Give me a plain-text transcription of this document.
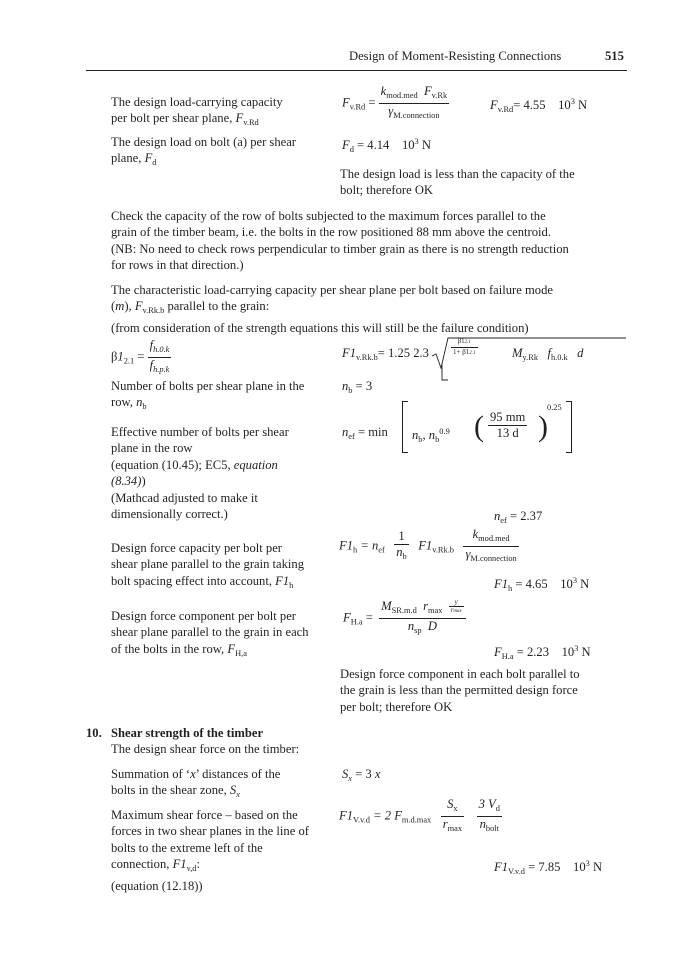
Design of Moment-Resisting Connections	515
The design load-carrying capacity
per bolt per shear plane, $F_{v.Rd}$
$F_{v.Rd} = \frac{k_{mod.med} F_{v.Rk}}{\gamma_{M.connection}}$	$F_{v.Rd}= 4.55$ $10^3$ N
The design load on bolt (a) per shear
plane, $F_d$
$F_d = 4.14$ $10^3$ N
The design load is less than the capacity of the
bolt; therefore OK
Check the capacity of the row of bolts subjected to the maximum forces parallel to the
grain of the timber beam, i.e. the bolts in the row positioned 88 mm above the centroid.
(NB: No need to check rows perpendicular to timber grain as there is no strength reduction
for rows in that direction.)
The characteristic load-carrying capacity per shear plane per bolt based on failure mode
(m), $F_{v.Rk.b}$ parallel to the grain:
(from consideration of the strength equations this will still be the failure condition)
$\beta 1_{2.1} = \frac{f_{h.0.k}}{f_{h.p.k}}$	$F1_{v.Rk.b}= 1.25$ 2.3	$\frac{\beta 12.1}{1+ \beta 12.1}$	$M_{y.Rk}$ $f_{h.0.k}$ d
Number of bolts per shear plane in the
row, $n_b$
$n_b = 3$
Effective number of bolts per shear
plane in the row
(equation (10.45); EC5, equation
(8.34))
(Mathcad adjusted to make it
dimensionally correct.)
$n_{ef} = \min n_b$, $n_b^{0.9}$ ( $\frac{95 mm}{13 d}$ )
$^{0.25}$
$n_{ef} = 2.37$
Design force capacity per bolt per
shear plane parallel to the grain taking
bolt spacing effect into account, $F1_h$
$F1_h = n_{ef} \frac{1}{n_b} F1_{v.Rk.b} \frac{k_{mod.med}}{\gamma_{M.connection}}$
$F1_h = 4.65$ $10^3$ N
Design force component per bolt per
shear plane parallel to the grain in each
of the bolts in the row, $F_{H,a}$
$F_{H.a} = \frac{M_{SR.m.d} r_{max} \frac{y}{rmax}}{n_{sp} D}$
$F_{H.a} = 2.23$ $10^3$ N
Design force component in each bolt parallel to
the grain is less than the permitted design force
per bolt; therefore OK
10. Shear strength of the timber
The design shear force on the timber:
Summation of ‘x’ distances of the
bolts in the shear zone, $S_x$
$S_x = 3$ x
Maximum shear force – based on the
forces in two shear planes in the line of
bolts to the extreme left of the
connection, $F1_{v,d}$:
(equation (12.18))
$F1_{V.v.d} = 2$ $F_{m.d.max} \frac{S_x}{r_{max}}$
$\frac{3 V_d}{n_{bolt}}$
$F1_{V.v.d} = 7.85$ $10^3$ N
